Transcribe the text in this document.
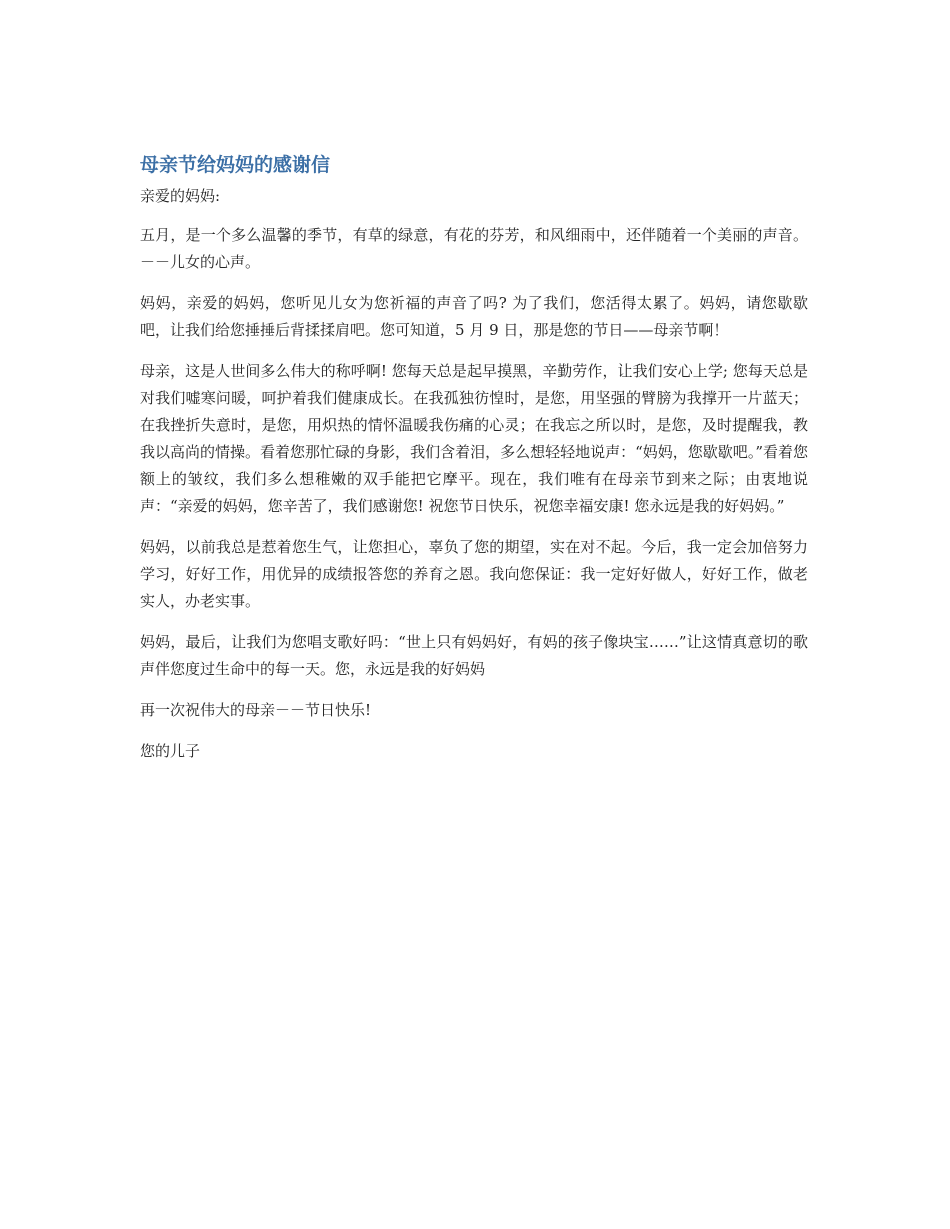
母亲节给妈妈的感谢信

亲爱的妈妈:

五月，是一个多么温馨的季节，有草的绿意，有花的芬芳，和风细雨中，还伴随着一个美丽的声音。－－儿女的心声。

妈妈，亲爱的妈妈，您听见儿女为您祈福的声音了吗? 为了我们，您活得太累了。妈妈，请您歇歇吧，让我们给您捶捶后背揉揉肩吧。您可知道，5 月 9 日，那是您的节日——母亲节啊！

母亲，这是人世间多么伟大的称呼啊! 您每天总是起早摸黑，辛勤劳作，让我们安心上学; 您每天总是对我们嘘寒问暖，呵护着我们健康成长。在我孤独彷惶时，是您，用坚强的臂膀为我撑开一片蓝天；在我挫折失意时，是您，用炽热的情怀温暖我伤痛的心灵；在我忘之所以时，是您，及时提醒我，教我以高尚的情操。看着您那忙碌的身影，我们含着泪，多么想轻轻地说声：“妈妈，您歇歇吧。”看着您额上的皱纹，我们多么想稚嫩的双手能把它摩平。现在，我们唯有在母亲节到来之际；由衷地说声：“亲爱的妈妈，您辛苦了，我们感谢您! 祝您节日快乐，祝您幸福安康! 您永远是我的好妈妈。”

妈妈，以前我总是惹着您生气，让您担心，辜负了您的期望，实在对不起。今后，我一定会加倍努力学习，好好工作，用优异的成绩报答您的养育之恩。我向您保证：我一定好好做人，好好工作，做老实人，办老实事。

妈妈，最后，让我们为您唱支歌好吗：“世上只有妈妈好，有妈的孩子像块宝……”让这情真意切的歌声伴您度过生命中的每一天。您，永远是我的好妈妈

再一次祝伟大的母亲－－节日快乐!

您的儿子
